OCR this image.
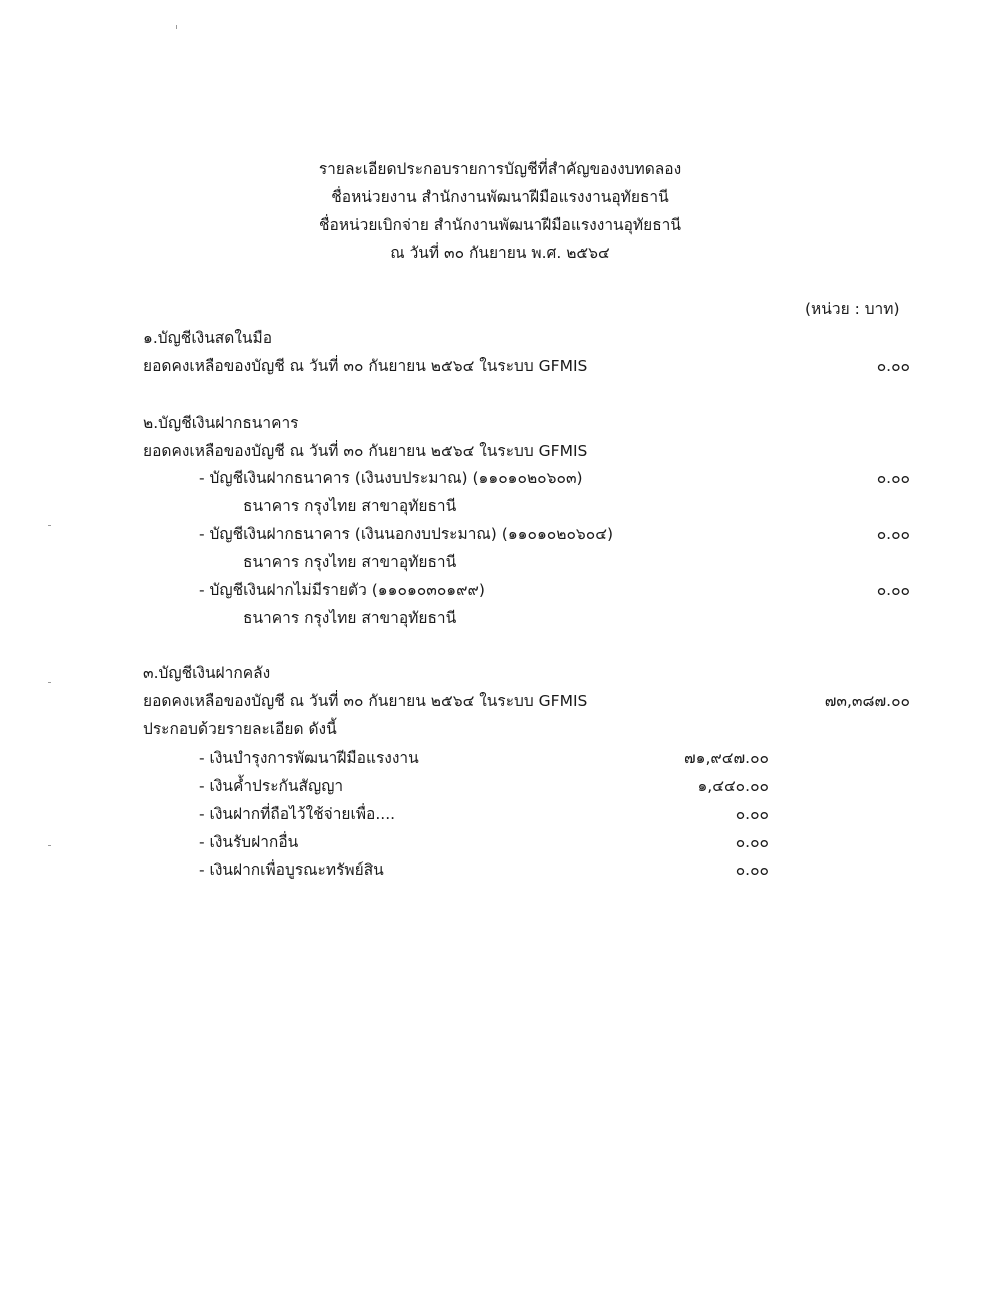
รายละเอียดประกอบรายการบัญชีที่สำคัญของงบทดลอง
ชื่อหน่วยงาน สำนักงานพัฒนาฝีมือแรงงานอุทัยธานี
ชื่อหน่วยเบิกจ่าย สำนักงานพัฒนาฝีมือแรงงานอุทัยธานี
ณ วันที่ ๓๐ กันยายน พ.ศ. ๒๕๖๔
(หน่วย : บาท)
๑.บัญชีเงินสดในมือ
ยอดคงเหลือของบัญชี ณ วันที่ ๓๐ กันยายน ๒๕๖๔ ในระบบ GFMIS	๐.๐๐
๒.บัญชีเงินฝากธนาคาร
ยอดคงเหลือของบัญชี ณ วันที่ ๓๐ กันยายน ๒๕๖๔ ในระบบ GFMIS
- บัญชีเงินฝากธนาคาร (เงินงบประมาณ) (๑๑๐๑๐๒๐๖๐๓)	๐.๐๐
ธนาคาร กรุงไทย สาขาอุทัยธานี
- บัญชีเงินฝากธนาคาร (เงินนอกงบประมาณ) (๑๑๐๑๐๒๐๖๐๔)	๐.๐๐
ธนาคาร กรุงไทย สาขาอุทัยธานี
- บัญชีเงินฝากไม่มีรายตัว (๑๑๐๑๐๓๐๑๙๙)	๐.๐๐
ธนาคาร กรุงไทย สาขาอุทัยธานี
๓.บัญชีเงินฝากคลัง
ยอดคงเหลือของบัญชี ณ วันที่ ๓๐ กันยายน ๒๕๖๔ ในระบบ GFMIS	๗๓,๓๘๗.๐๐
ประกอบด้วยรายละเอียด ดังนี้
- เงินบำรุงการพัฒนาฝีมือแรงงาน	๗๑,๙๔๗.๐๐
- เงินค้ำประกันสัญญา	๑,๔๔๐.๐๐
- เงินฝากที่ถือไว้ใช้จ่ายเพื่อ....	๐.๐๐
- เงินรับฝากอื่น	๐.๐๐
- เงินฝากเพื่อบูรณะทรัพย์สิน	๐.๐๐
